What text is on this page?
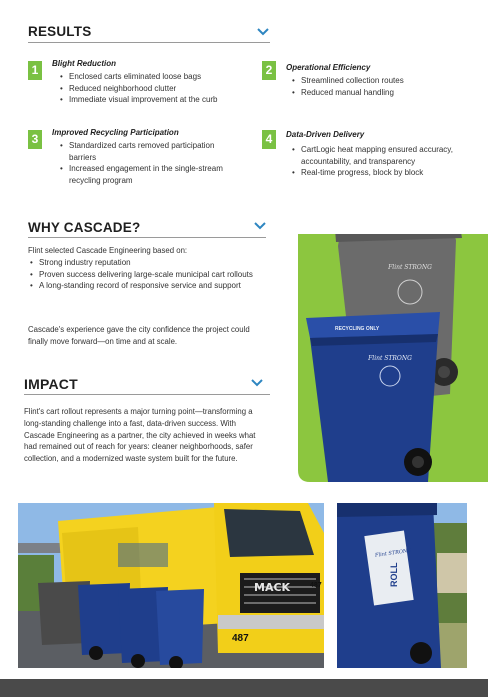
RESULTS
1	Blight Reduction
• Enclosed carts eliminated loose bags
• Reduced neighborhood clutter
• Immediate visual improvement at the curb
2	Operational Efficiency
• Streamlined collection routes
• Reduced manual handling
3	Improved Recycling Participation
• Standardized carts removed participation barriers
• Increased engagement in the single-stream recycling program
4	Data-Driven Delivery
• CartLogic heat mapping ensured accuracy, accountability, and transparency
• Real-time progress, block by block
WHY CASCADE?
Flint selected Cascade Engineering based on:
• Strong industry reputation
• Proven success delivering large-scale municipal cart rollouts
• A long-standing record of responsive service and support
Cascade's experience gave the city confidence the project could finally move forward—on time and at scale.
IMPACT
Flint's cart rollout represents a major turning point—transforming a long-standing challenge into a fast, data-driven success. With Cascade Engineering as a partner, the city achieved in weeks what had remained out of reach for years: cleaner neighborhoods, safer collection, and a modernized waste system built for the future.
Flint STRONG
RECYCLING ONLY
Flint STRONG
MACK
487
487
Flint STRONG
ROLL
